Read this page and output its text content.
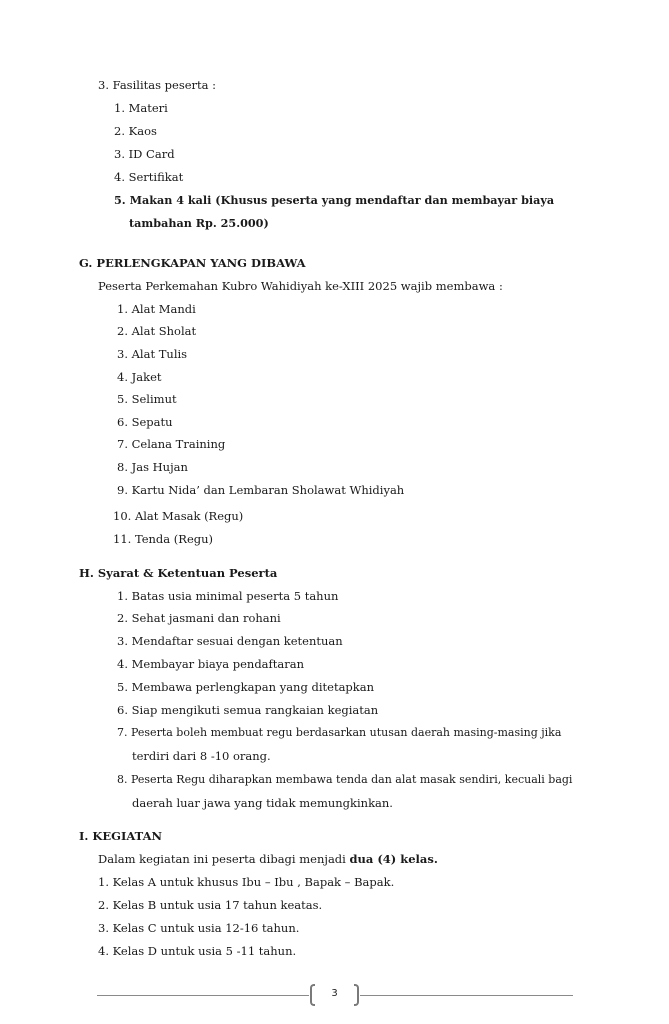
3. Fasilitas peserta :
1. Materi
2. Kaos
3. ID Card
4. Sertifikat
5. Makan 4 kali (Khusus peserta yang mendaftar dan membayar biaya
tambahan Rp. 25.000)
G. PERLENGKAPAN YANG DIBAWA
Peserta Perkemahan Kubro Wahidiyah ke-XIII 2025 wajib membawa :
1. Alat Mandi
2. Alat Sholat
3. Alat Tulis
4. Jaket
5. Selimut
6. Sepatu
7. Celana Training
8. Jas Hujan
9. Kartu Nida’ dan Lembaran Sholawat Whidiyah
10. Alat Masak (Regu)
11. Tenda (Regu)
H. Syarat & Ketentuan Peserta
1. Batas usia minimal peserta 5 tahun
2. Sehat jasmani dan rohani
3. Mendaftar sesuai dengan ketentuan
4. Membayar biaya pendaftaran
5. Membawa perlengkapan yang ditetapkan
6. Siap mengikuti semua rangkaian kegiatan
7. Peserta boleh membuat regu berdasarkan utusan daerah masing-masing jika
terdiri dari 8 -10 orang.
8. Peserta Regu diharapkan membawa tenda dan alat masak sendiri, kecuali bagi
daerah luar jawa yang tidak memungkinkan.
I. KEGIATAN
Dalam kegiatan ini peserta dibagi menjadi dua (4) kelas.
1. Kelas A untuk khusus Ibu – Ibu , Bapak – Bapak.
2. Kelas B untuk usia 17 tahun keatas.
3. Kelas C untuk usia 12-16 tahun.
4. Kelas D untuk usia 5 -11 tahun.
3
